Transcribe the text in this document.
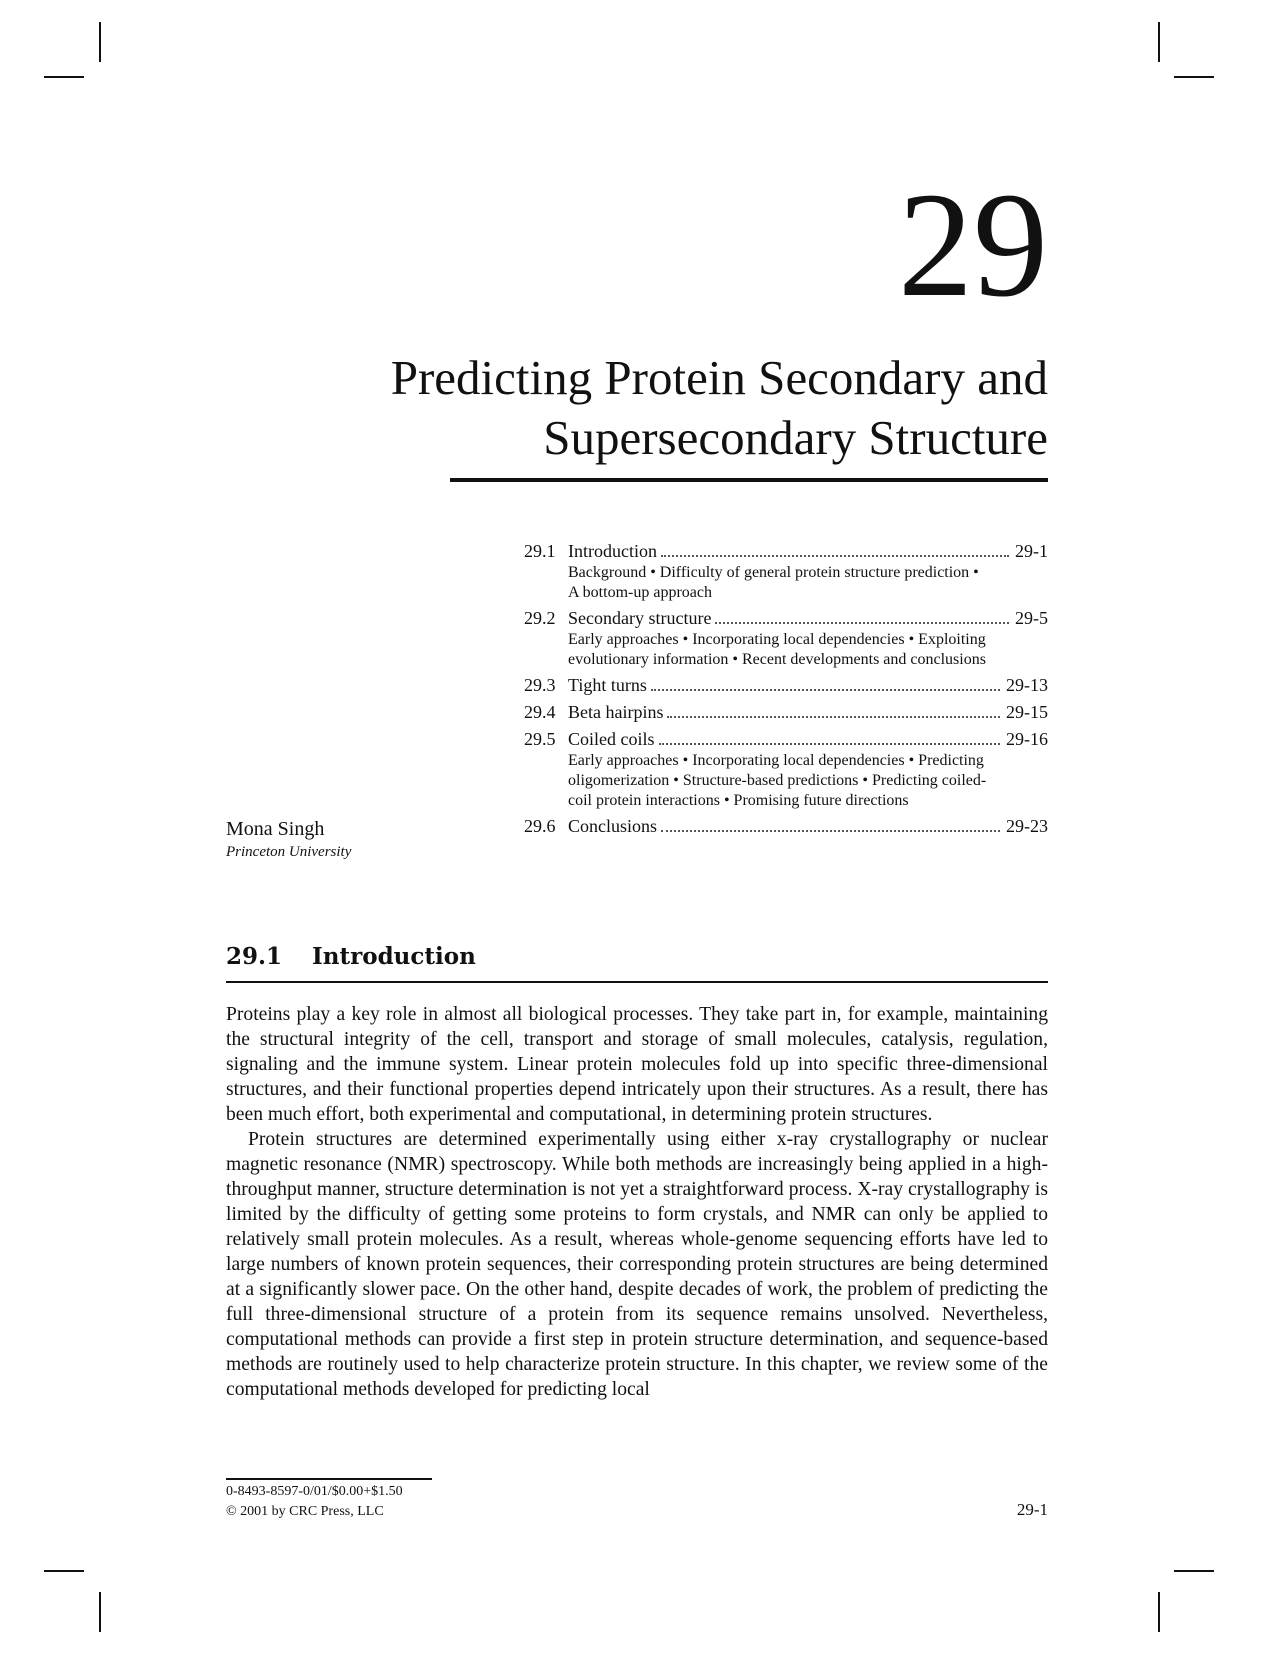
29
Predicting Protein Secondary and
Supersecondary Structure
29.1 Introduction	29-1
Background • Difficulty of general protein structure prediction • A bottom-up approach
29.2 Secondary structure	29-5
Early approaches • Incorporating local dependencies • Exploiting evolutionary information • Recent developments and conclusions
29.3 Tight turns	29-13
29.4 Beta hairpins	29-15
29.5 Coiled coils	29-16
Early approaches • Incorporating local dependencies • Predicting oligomerization • Structure-based predictions • Predicting coiled-coil protein interactions • Promising future directions
29.6 Conclusions	29-23
Mona Singh
Princeton University
29.1	Introduction

Proteins play a key role in almost all biological processes. They take part in, for example, maintaining the structural integrity of the cell, transport and storage of small molecules, catalysis, regulation, signaling and the immune system. Linear protein molecules fold up into specific three-dimensional structures, and their functional properties depend intricately upon their structures. As a result, there has been much effort, both experimental and computational, in determining protein structures.

Protein structures are determined experimentally using either x-ray crystallography or nuclear magnetic resonance (NMR) spectroscopy. While both methods are increasingly being applied in a high-throughput manner, structure determination is not yet a straightforward process. X-ray crystallography is limited by the difficulty of getting some proteins to form crystals, and NMR can only be applied to relatively small protein molecules. As a result, whereas whole-genome sequencing efforts have led to large numbers of known protein sequences, their corresponding protein structures are being determined at a significantly slower pace. On the other hand, despite decades of work, the problem of predicting the full three-dimensional structure of a protein from its sequence remains unsolved. Nevertheless, computational methods can provide a first step in protein structure determination, and sequence-based methods are routinely used to help characterize protein structure. In this chapter, we review some of the computational methods developed for predicting local

0-8493-8597-0/01/$0.00+$1.50
© 2001 by CRC Press, LLC	29-1
